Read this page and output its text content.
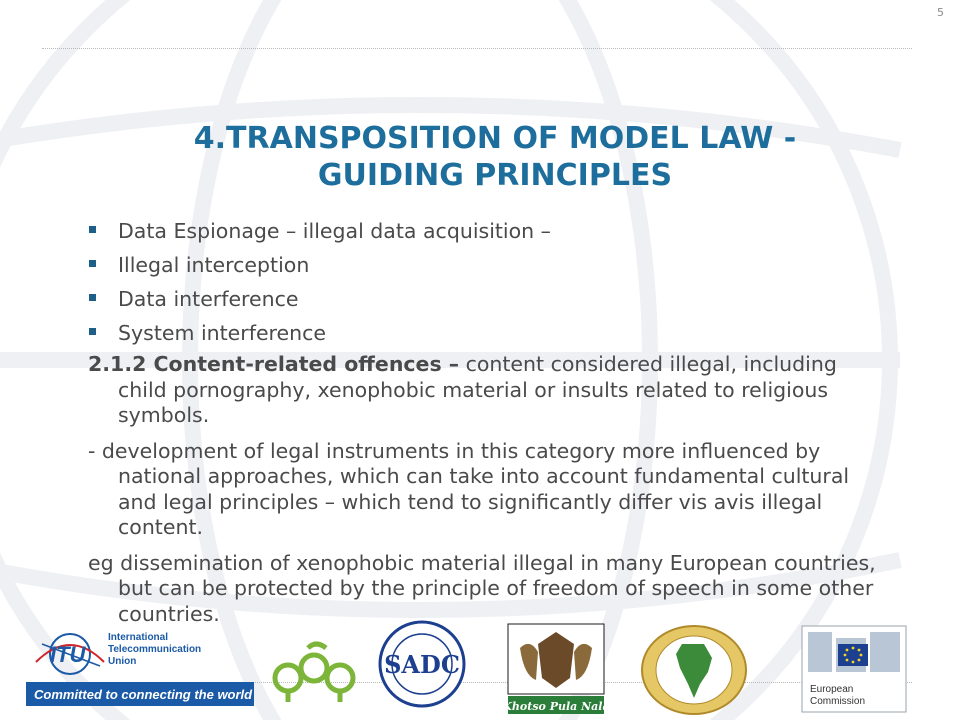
5
4.TRANSPOSITION OF MODEL LAW -
GUIDING PRINCIPLES
Data Espionage – illegal data acquisition –
Illegal interception
Data interference
System interference
2.1.2 Content-related offences – content considered illegal, including child pornography, xenophobic material or insults related to religious symbols.
- development of legal instruments in this category more influenced by national approaches, which can take into account fundamental cultural and legal principles – which tend to significantly differ vis avis illegal content.
eg dissemination of xenophobic material illegal in many European countries, but can be protected by the principle of freedom of speech in some other countries.
ITU
International
Telecommunication
Union
Committed to connecting the world
SADC
Khotso Pula Nala
European
Commission
